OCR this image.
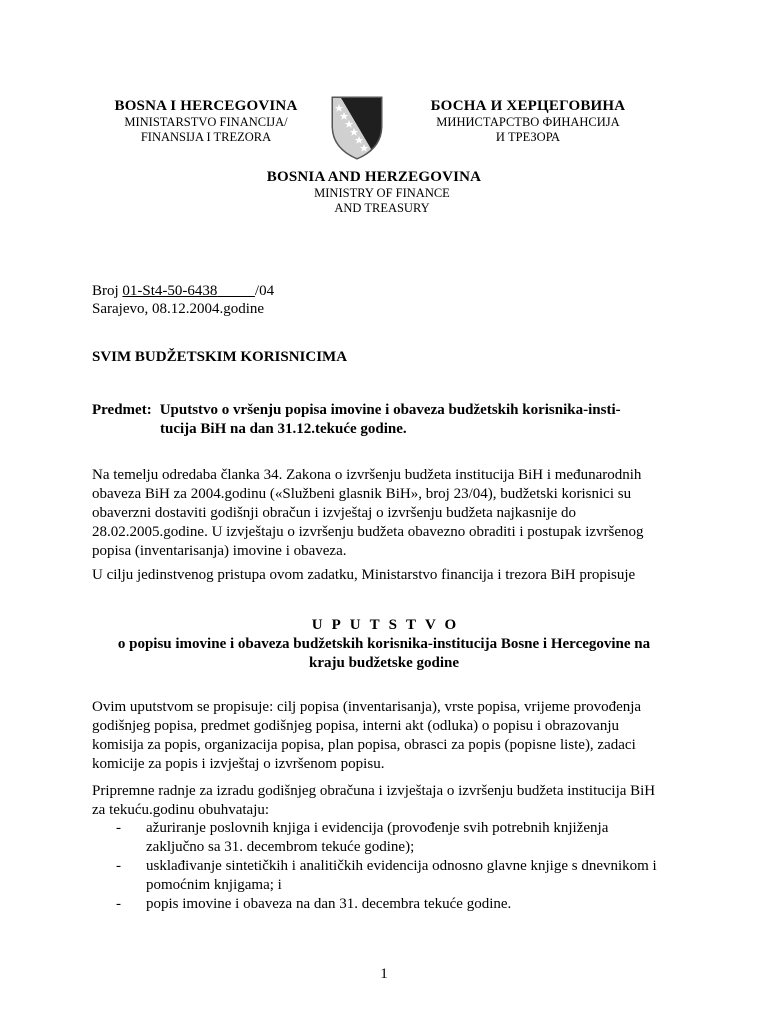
BOSNA I HERCEGOVINA
MINISTARSTVO FINANCIJA/
FINANSIJA I TREZORA
БОСНА И ХЕРЦЕГОВИНА
МИНИСТАРСТВО ФИНАНСИЈА
И ТРЕЗОРА
BOSNIA AND HERZEGOVINA
MINISTRY OF FINANCE
AND TREASURY
Broj 01-St4-50-6438	/04
Sarajevo, 08.12.2004.godine
SVIM BUDŽETSKIM KORISNICIMA
Predmet: Uputstvo o vršenju popisa imovine i obaveza budžetskih korisnika-insti-
tucija BiH na dan 31.12.tekuće godine.
Na temelju odredaba članka 34. Zakona o izvršenju budžeta institucija BiH i međunarodnih
obaveza BiH za 2004.godinu («Službeni glasnik BiH», broj 23/04), budžetski korisnici su
obaverzni dostaviti godišnji obračun i izvještaj o izvršenju budžeta najkasnije do
28.02.2005.godine. U izvještaju o izvršenju budžeta obavezno obraditi i postupak izvršenog
popisa (inventarisanja) imovine i obaveza.
U cilju jedinstvenog pristupa ovom zadatku, Ministarstvo financija i trezora BiH propisuje
UPUTSTVO
o popisu imovine i obaveza budžetskih korisnika-institucija Bosne i Hercegovine na
kraju budžetske godine
Ovim uputstvom se propisuje: cilj popisa (inventarisanja), vrste popisa, vrijeme provođenja
godišnjeg popisa, predmet godišnjeg popisa, interni akt (odluka) o popisu i obrazovanju
komisija za popis, organizacija popisa, plan popisa, obrasci za popis (popisne liste), zadaci
komicije za popis i izvještaj o izvršenom popisu.
Pripremne radnje za izradu godišnjeg obračuna i izvještaja o izvršenju budžeta institucija BiH
za tekuću.godinu obuhvataju:
- ažuriranje poslovnih knjiga i evidencija (provođenje svih potrebnih knjiženja
zaključno sa 31. decembrom tekuće godine);
- usklađivanje sintetičkih i analitičkih evidencija odnosno glavne knjige s dnevnikom i
pomoćnim knjigama; i
- popis imovine i obaveza na dan 31. decembra tekuće godine.
1
